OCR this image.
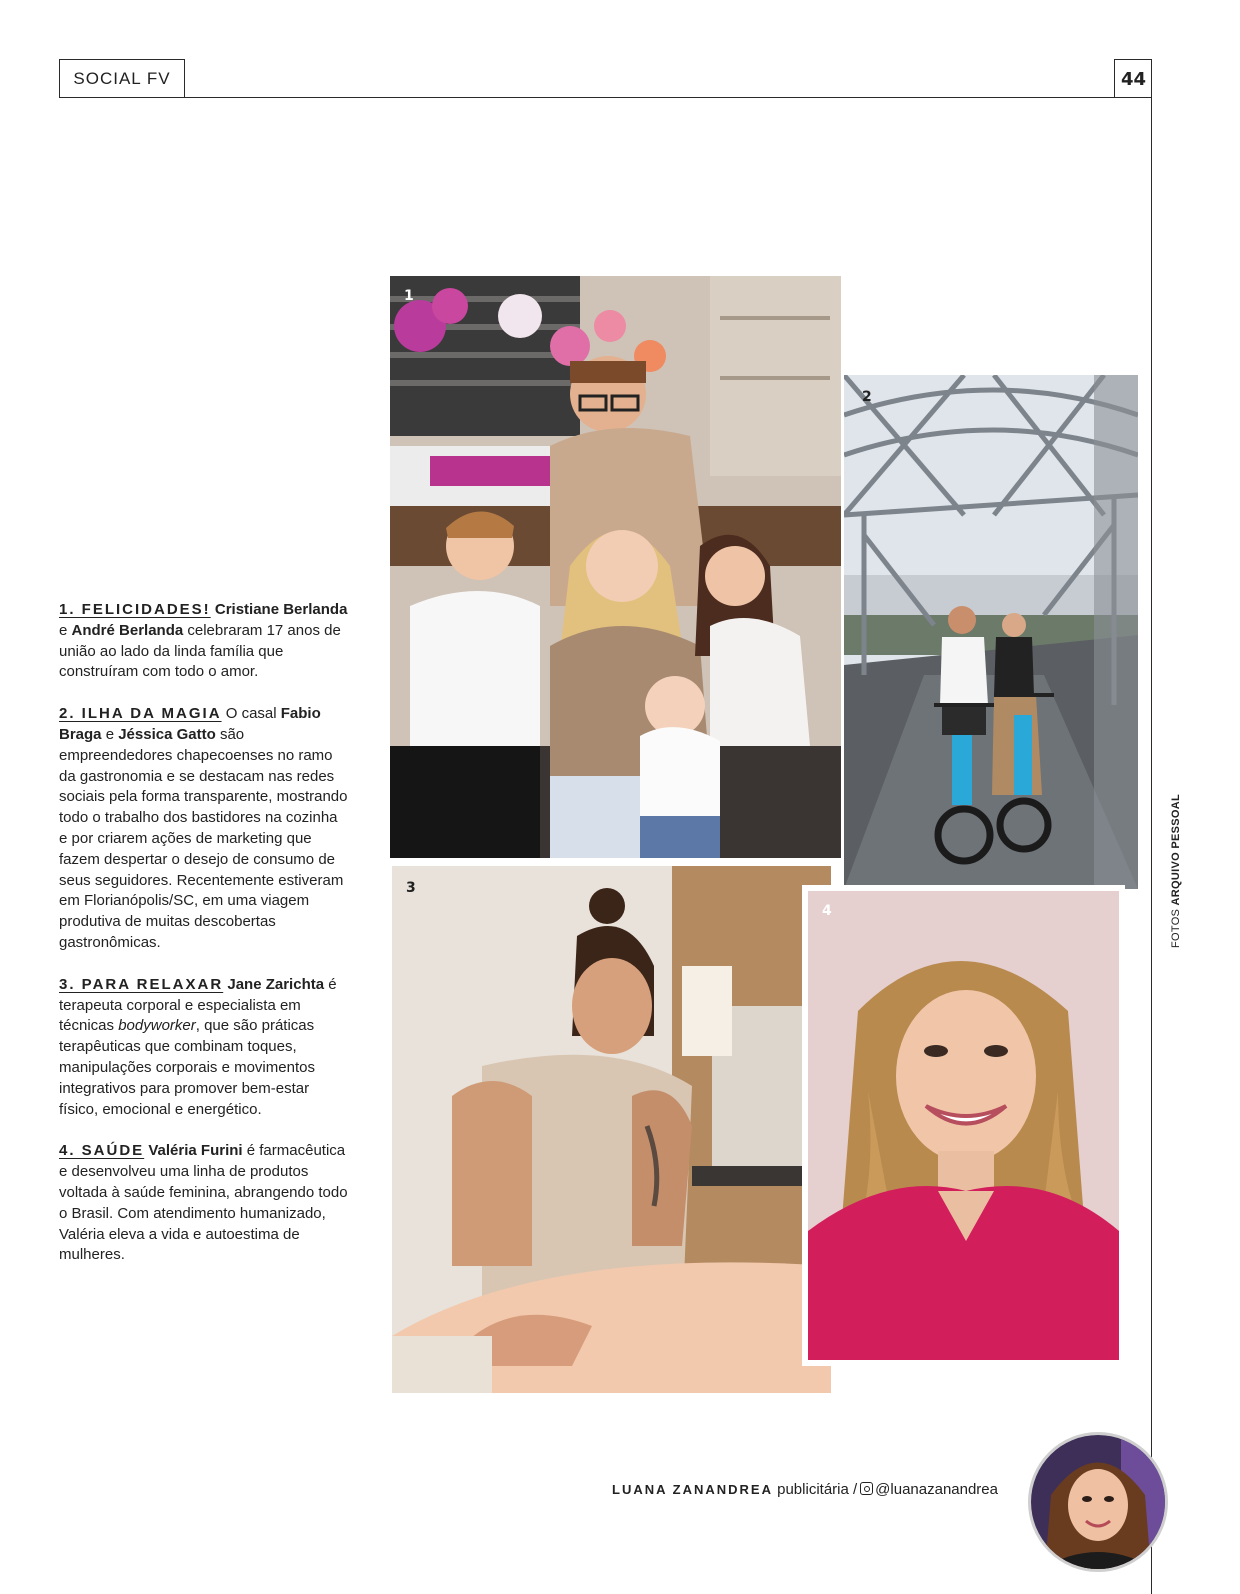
SOCIAL FV	44

1. FELICIDADES! Cristiane Berlanda e André Berlanda celebraram 17 anos de união ao lado da linda família que construíram com todo o amor.

2. ILHA DA MAGIA O casal Fabio Braga e Jéssica Gatto são empreendedores chapecoenses no ramo da gastronomia e se destacam nas redes sociais pela forma transparente, mostrando todo o trabalho dos bastidores na cozinha e por criarem ações de marketing que fazem despertar o desejo de consumo de seus seguidores. Recentemente estiveram em Florianópolis/SC, em uma viagem produtiva de muitas descobertas gastronômicas.

3. PARA RELAXAR Jane Zarichta é terapeuta corporal e especialista em técnicas bodyworker, que são práticas terapêuticas que combinam toques, manipulações corporais e movimentos integrativos para promover bem-estar físico, emocional e energético.

4. SAÚDE Valéria Furini é farmacêutica e desenvolveu uma linha de produtos voltada à saúde feminina, abrangendo todo o Brasil. Com atendimento humanizado, Valéria eleva a vida e autoestima de mulheres.

1
2
3
4	FOTOS ARQUIVO PESSOAL
LUANA ZANANDREA publicitária / @luanazanandrea
